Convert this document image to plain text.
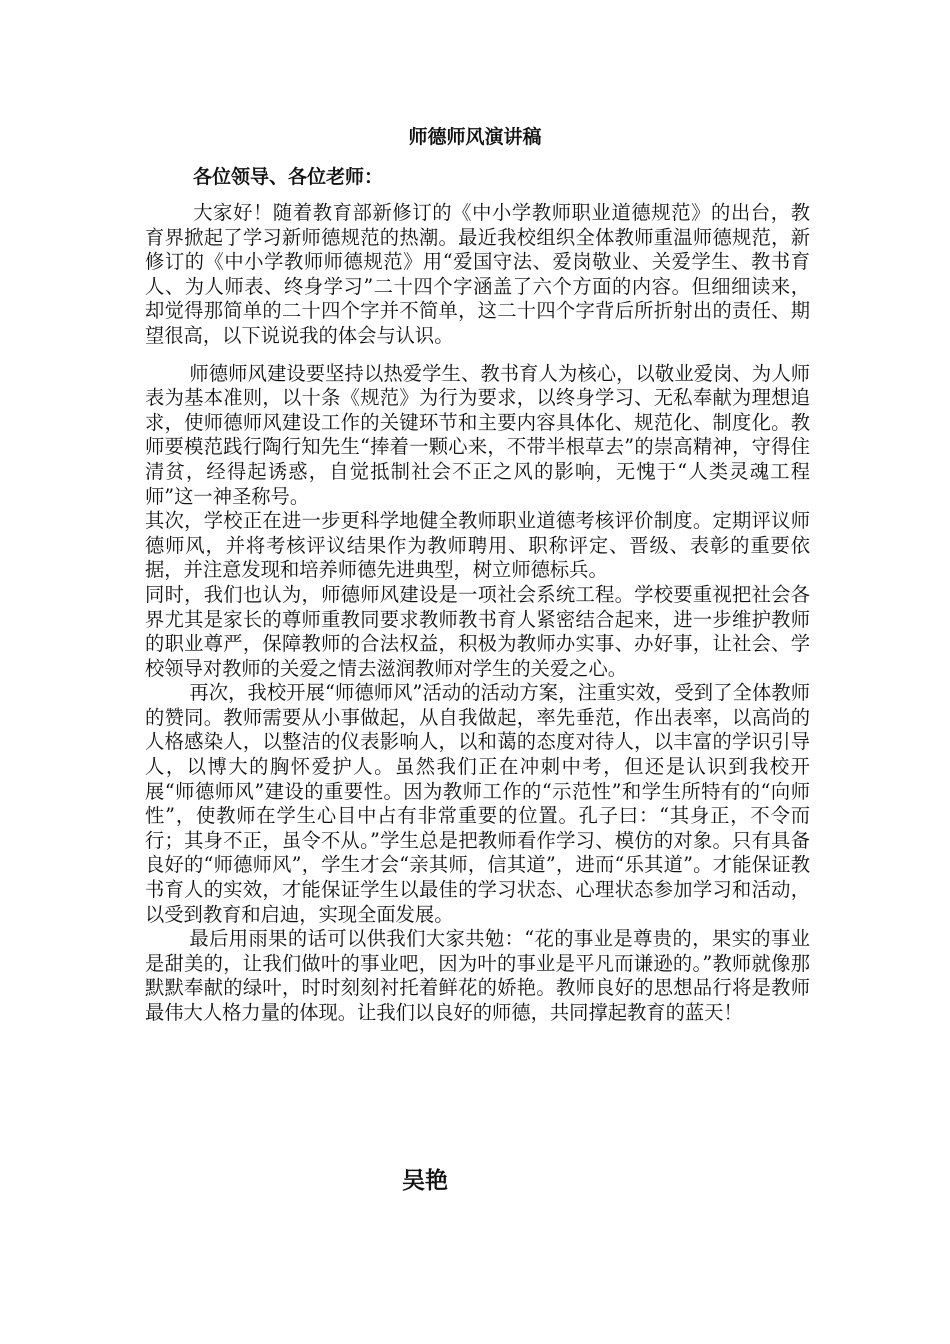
师德师风演讲稿

各位领导、各位老师：

大家好！随着教育部新修订的《中小学教师职业道德规范》的出台，教育界掀起了学习新师德规范的热潮。最近我校组织全体教师重温师德规范，新修订的《中小学教师师德规范》用“爱国守法、爱岗敬业、关爱学生、教书育人、为人师表、终身学习”二十四个字涵盖了六个方面的内容。但细细读来，却觉得那简单的二十四个字并不简单，这二十四个字背后所折射出的责任、期望很高，以下说说我的体会与认识。

师德师风建设要坚持以热爱学生、教书育人为核心，以敬业爱岗、为人师表为基本准则，以十条《规范》为行为要求，以终身学习、无私奉献为理想追求，使师德师风建设工作的关键环节和主要内容具体化、规范化、制度化。教师要模范践行陶行知先生“捧着一颗心来，不带半根草去”的崇高精神，守得住清贫，经得起诱惑，自觉抵制社会不正之风的影响，无愧于“人类灵魂工程师”这一神圣称号。

其次，学校正在进一步更科学地健全教师职业道德考核评价制度。定期评议师德师风，并将考核评议结果作为教师聘用、职称评定、晋级、表彰的重要依据，并注意发现和培养师德先进典型，树立师德标兵。

同时，我们也认为，师德师风建设是一项社会系统工程。学校要重视把社会各界尤其是家长的尊师重教同要求教师教书育人紧密结合起来，进一步维护教师的职业尊严，保障教师的合法权益，积极为教师办实事、办好事，让社会、学校领导对教师的关爱之情去滋润教师对学生的关爱之心。

再次，我校开展“师德师风”活动的活动方案，注重实效，受到了全体教师的赞同。教师需要从小事做起，从自我做起，率先垂范，作出表率，以高尚的人格感染人，以整洁的仪表影响人，以和蔼的态度对待人，以丰富的学识引导人，以博大的胸怀爱护人。虽然我们正在冲刺中考，但还是认识到我校开展“师德师风”建设的重要性。因为教师工作的“示范性”和学生所特有的“向师性”，使教师在学生心目中占有非常重要的位置。孔子曰：“其身正，不令而行；其身不正，虽令不从。”学生总是把教师看作学习、模仿的对象。只有具备良好的“师德师风”，学生才会“亲其师，信其道”，进而“乐其道”。才能保证教书育人的实效，才能保证学生以最佳的学习状态、心理状态参加学习和活动，以受到教育和启迪，实现全面发展。

最后用雨果的话可以供我们大家共勉：“花的事业是尊贵的，果实的事业是甜美的，让我们做叶的事业吧，因为叶的事业是平凡而谦逊的。”教师就像那默默奉献的绿叶，时时刻刻衬托着鲜花的娇艳。教师良好的思想品行将是教师最伟大人格力量的体现。让我们以良好的师德，共同撑起教育的蓝天！

吴艳
